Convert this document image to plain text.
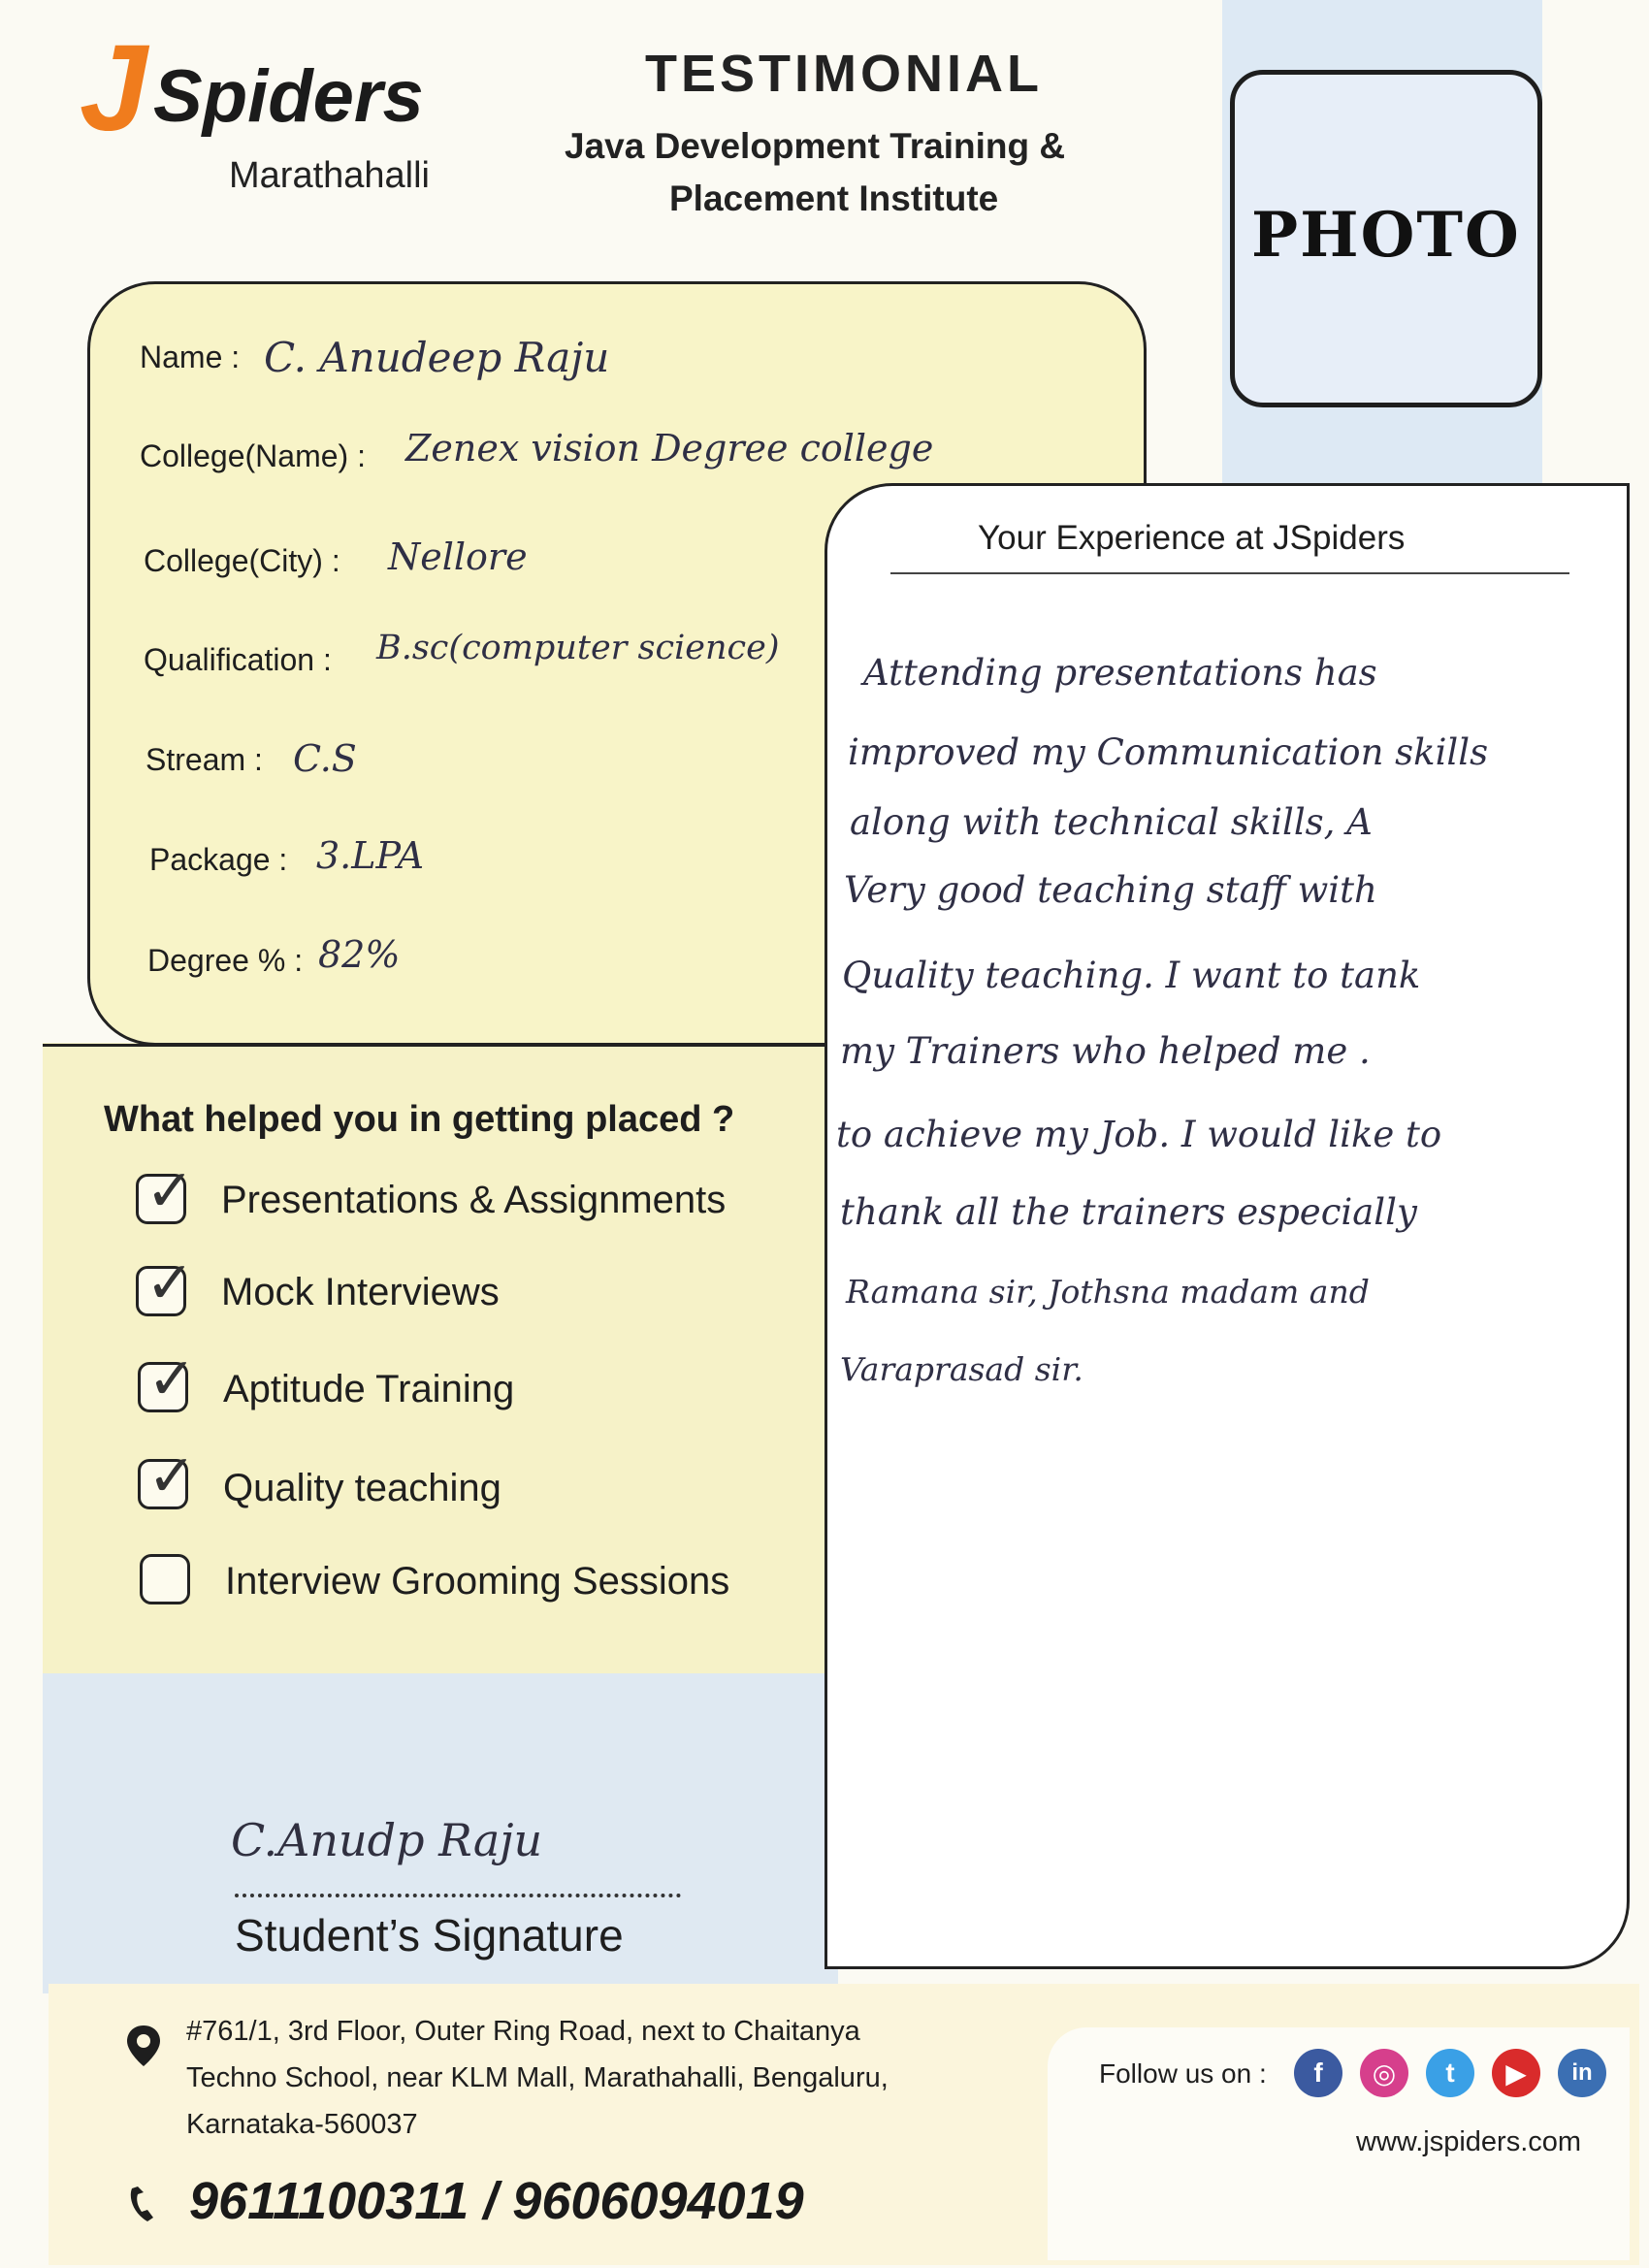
J Spiders
Marathahalli
TESTIMONIAL
Java Development Training &
Placement Institute
PHOTO
Name : C. Anudeep Raju
College(Name) : Zenex vision Degree college
College(City) : Nellore
Qualification : B.sc(computer science)
Stream : C.S
Package : 3.LPA
Degree % : 82%
What helped you in getting placed ?
✓ Presentations & Assignments
✓ Mock Interviews
✓ Aptitude Training
✓ Quality teaching
Interview Grooming Sessions
Your Experience at JSpiders
Attending presentations has
improved my Communication skills
along with technical skills, A
Very good teaching staff with
Quality teaching. I want to tank
my Trainers who helped me .
to achieve my Job. I would like to
thank all the trainers especially
Ramana sir, Jothsna madam and
Varaprasad sir.
C.Anudp Raju
Student’s Signature
#761/1, 3rd Floor, Outer Ring Road, next to Chaitanya
Techno School, near KLM Mall, Marathahalli, Bengaluru,
Karnataka-560037
9611100311 / 9606094019
Follow us on :	f	◎	t	▶	in
www.jspiders.com
